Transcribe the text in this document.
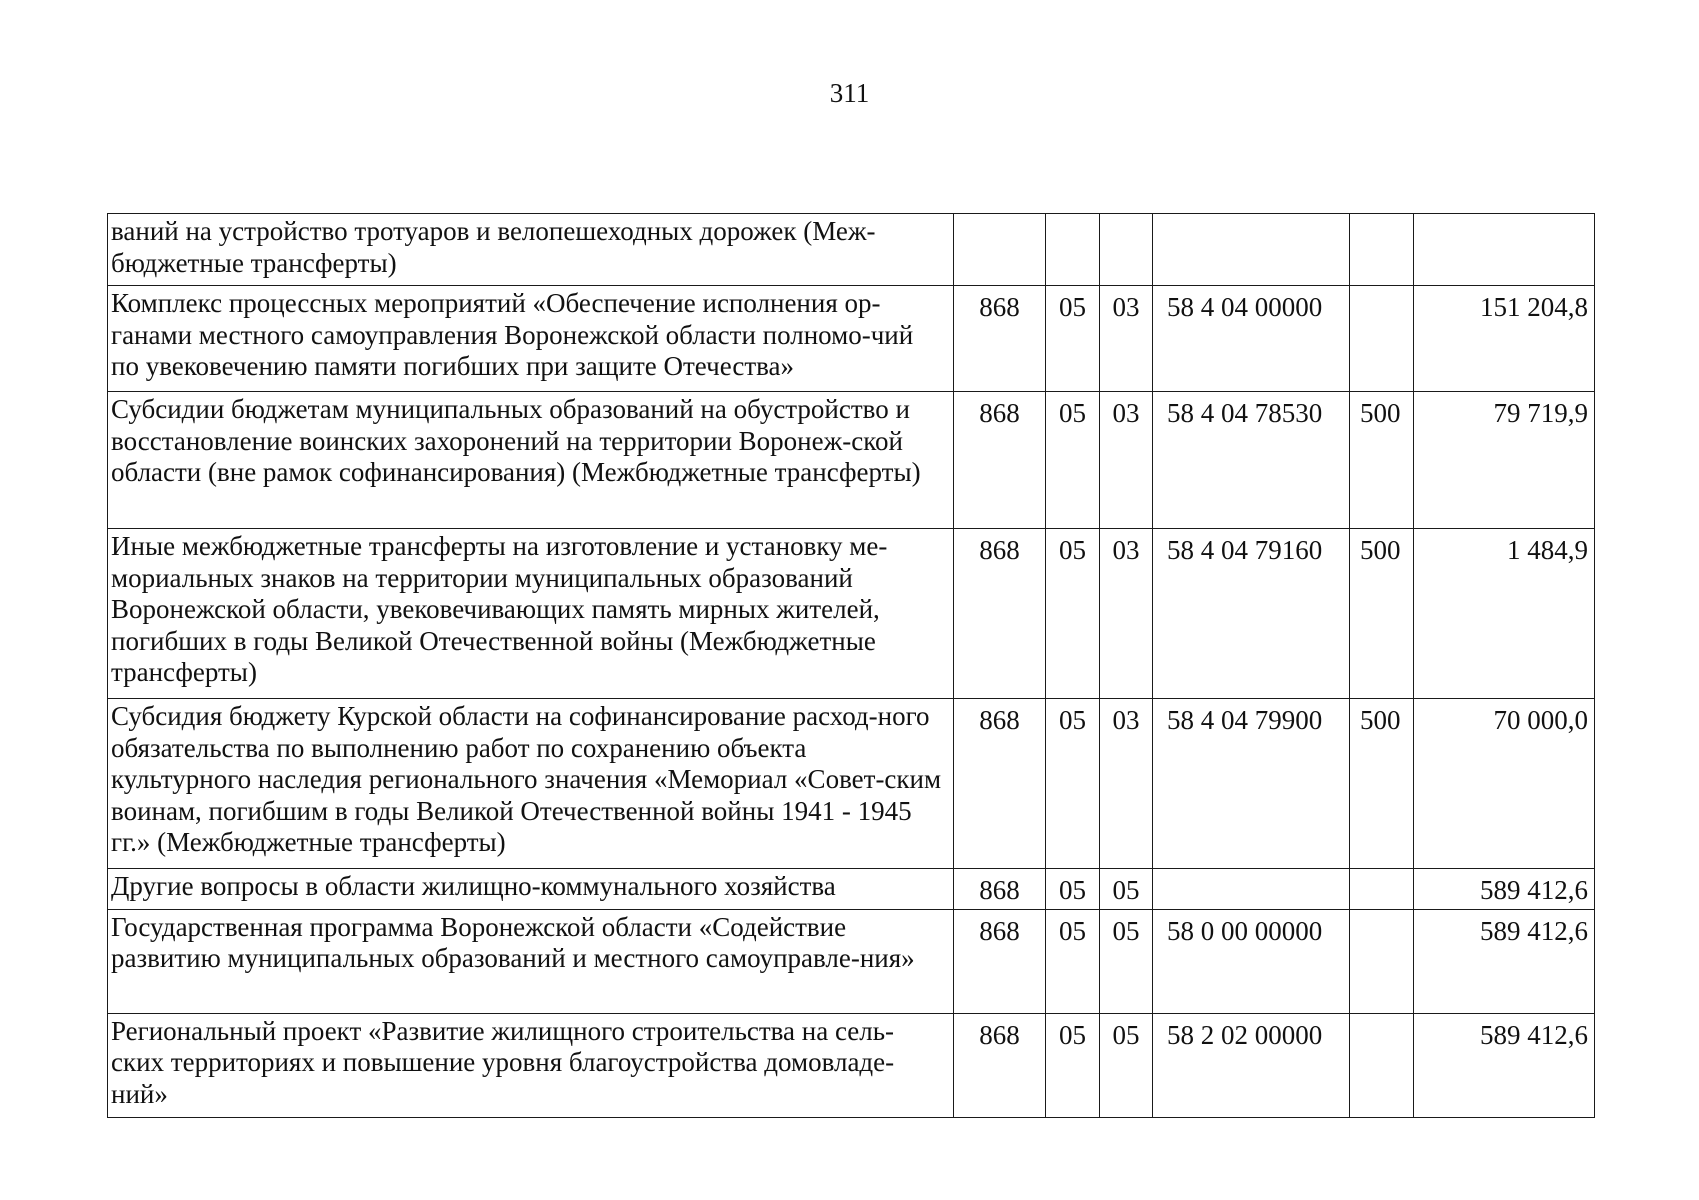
311
ваний на устройство тротуаров и велопешеходных дорожек (Меж-бюджетные трансферты)						
Комплекс процессных мероприятий «Обеспечение исполнения ор-ганами местного самоуправления Воронежской области полномо-чий по увековечению памяти погибших при защите Отечества»	868	05	03	58 4 04 00000		151 204,8
Субсидии бюджетам муниципальных образований на обустройство и восстановление воинских захоронений на территории Воронеж-ской области (вне рамок софинансирования) (Межбюджетные трансферты)	868	05	03	58 4 04 78530	500	79 719,9
Иные межбюджетные трансферты на изготовление и установку ме-мориальных знаков на территории муниципальных образований Воронежской области, увековечивающих память мирных жителей, погибших в годы Великой Отечественной войны (Межбюджетные трансферты)	868	05	03	58 4 04 79160	500	1 484,9
Субсидия бюджету Курской области на софинансирование расход-ного обязательства по выполнению работ по сохранению объекта культурного наследия регионального значения «Мемориал «Совет-ским воинам, погибшим в годы Великой Отечественной войны 1941 - 1945 гг.» (Межбюджетные трансферты)	868	05	03	58 4 04 79900	500	70 000,0
Другие вопросы в области жилищно-коммунального хозяйства	868	05	05			589 412,6
Государственная программа Воронежской области «Содействие развитию муниципальных образований и местного самоуправле-ния»	868	05	05	58 0 00 00000		589 412,6
Региональный проект «Развитие жилищного строительства на сель-ских территориях и повышение уровня благоустройства домовладе-ний»	868	05	05	58 2 02 00000		589 412,6
